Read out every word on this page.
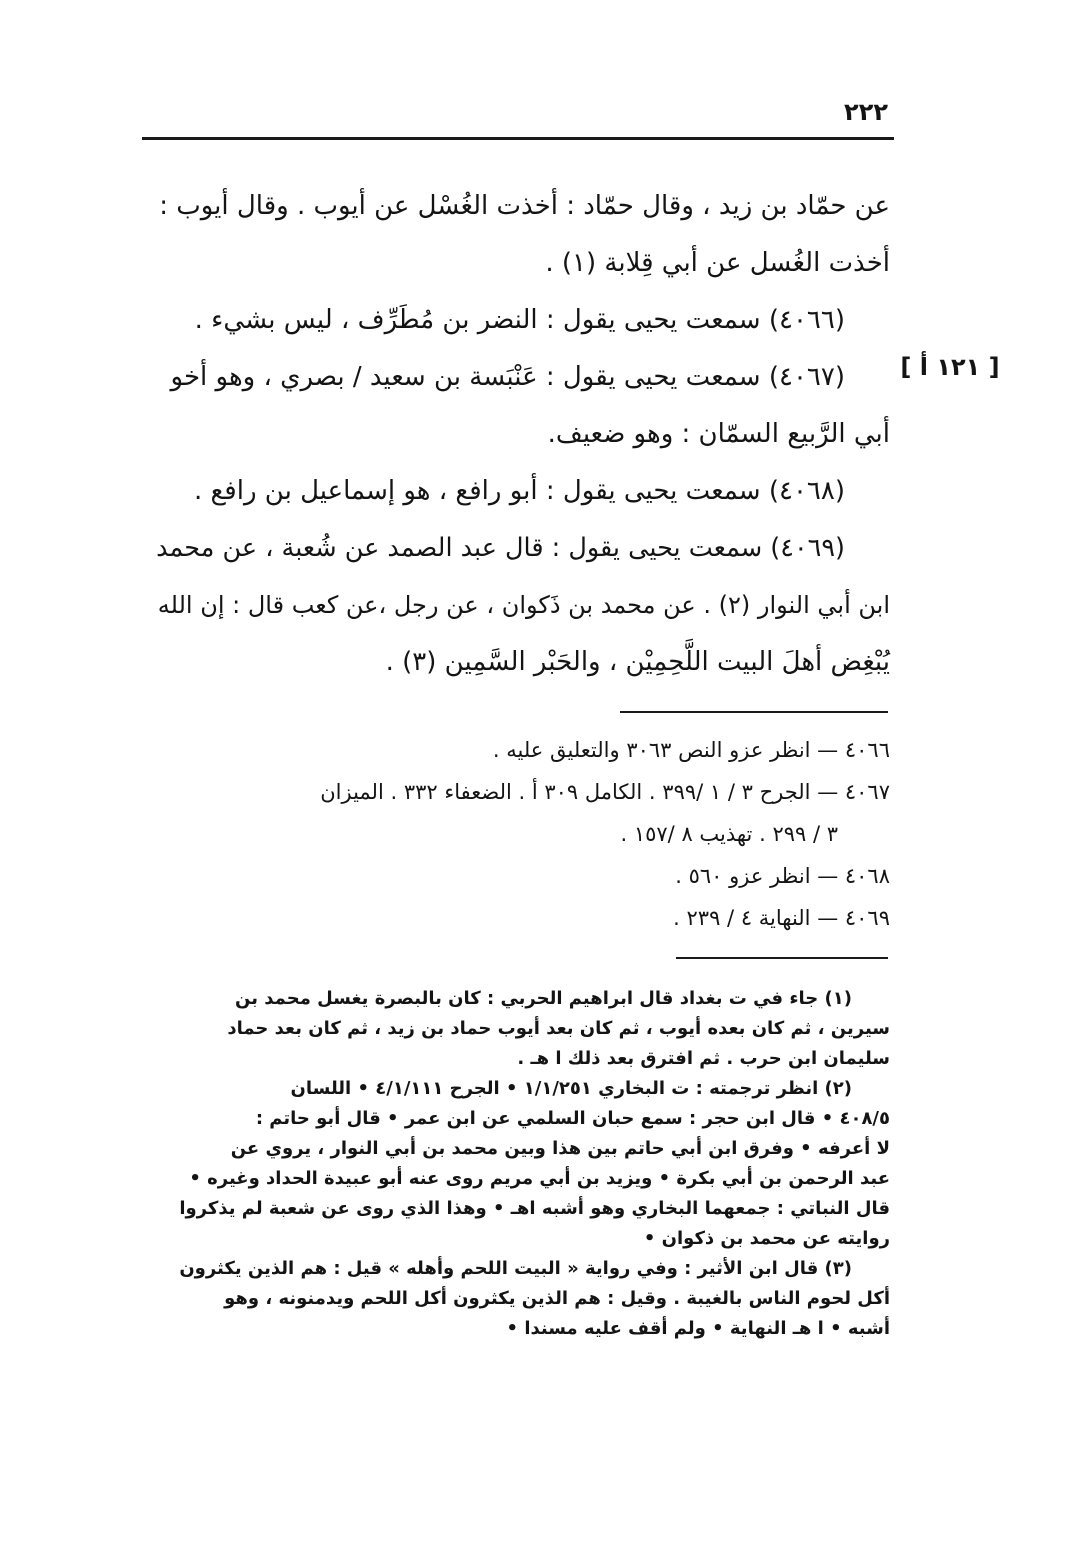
٢٢٢
[ ١٢١ أ ]

عن حمّاد بن زيد ، وقال حمّاد : أخذت الغُسْل عن أيوب . وقال أيوب :
أخذت الغُسل عن أبي قِلابة (١) .

(٤٠٦٦) سمعت يحيى يقول : النضر بن مُطَرِّف ، ليس بشيء .

(٤٠٦٧) سمعت يحيى يقول : عَنْبَسة بن سعيد / بصري ، وهو أخو
أبي الرَّبيع السمّان : وهو ضعيف.

(٤٠٦٨) سمعت يحيى يقول : أبو رافع ، هو إسماعيل بن رافع .

(٤٠٦٩) سمعت يحيى يقول : قال عبد الصمد عن شُعبة ، عن محمد
ابن أبي النوار (٢) . عن محمد بن ذَكوان ، عن رجل ،عن كعب قال : إن الله
يُبْغِض أهلَ البيت اللَّحِمِيْن ، والحَبْر السَّمِين (٣) .

٤٠٦٦ — انظر عزو النص ٣٠٦٣ والتعليق عليه .

٤٠٦٧ — الجرح ٣ / ١ /٣٩٩ . الكامل ٣٠٩ أ . الضعفاء ٣٣٢ . الميزان
٣ / ٢٩٩ . تهذيب ٨ /١٥٧ .

٤٠٦٨ — انظر عزو ٥٦٠ .

٤٠٦٩ — النهاية ٤ / ٢٣٩ .

(١) جاء في ت بغداد قال ابراهيم الحربي : كان بالبصرة يغسل محمد بن
سيرين ، ثم كان بعده أيوب ، ثم كان بعد أيوب حماد بن زيد ، ثم كان بعد حماد
سليمان ابن حرب . ثم افترق بعد ذلك ا هـ .

(٢) انظر ترجمته : ت البخاري ١/١/٢٥١ • الجرح ٤/١/١١١ • اللسان
٤٠٨/٥ • قال ابن حجر : سمع حبان السلمي عن ابن عمر • قال أبو حاتم :
لا أعرفه • وفرق ابن أبي حاتم بين هذا وبين محمد بن أبي النوار ، يروي عن
عبد الرحمن بن أبي بكرة • ويزيد بن أبي مريم روى عنه أبو عبيدة الحداد وغيره •
قال النباتي : جمعهما البخاري وهو أشبه اهـ • وهذا الذي روى عن شعبة لم يذكروا
روايته عن محمد بن ذكوان •

(٣) قال ابن الأثير : وفي رواية « البيت اللحم وأهله » قيل : هم الذين يكثرون
أكل لحوم الناس بالغيبة . وقيل : هم الذين يكثرون أكل اللحم ويدمنونه ، وهو
أشبه • ا هـ النهاية • ولم أقف عليه مسندا •
